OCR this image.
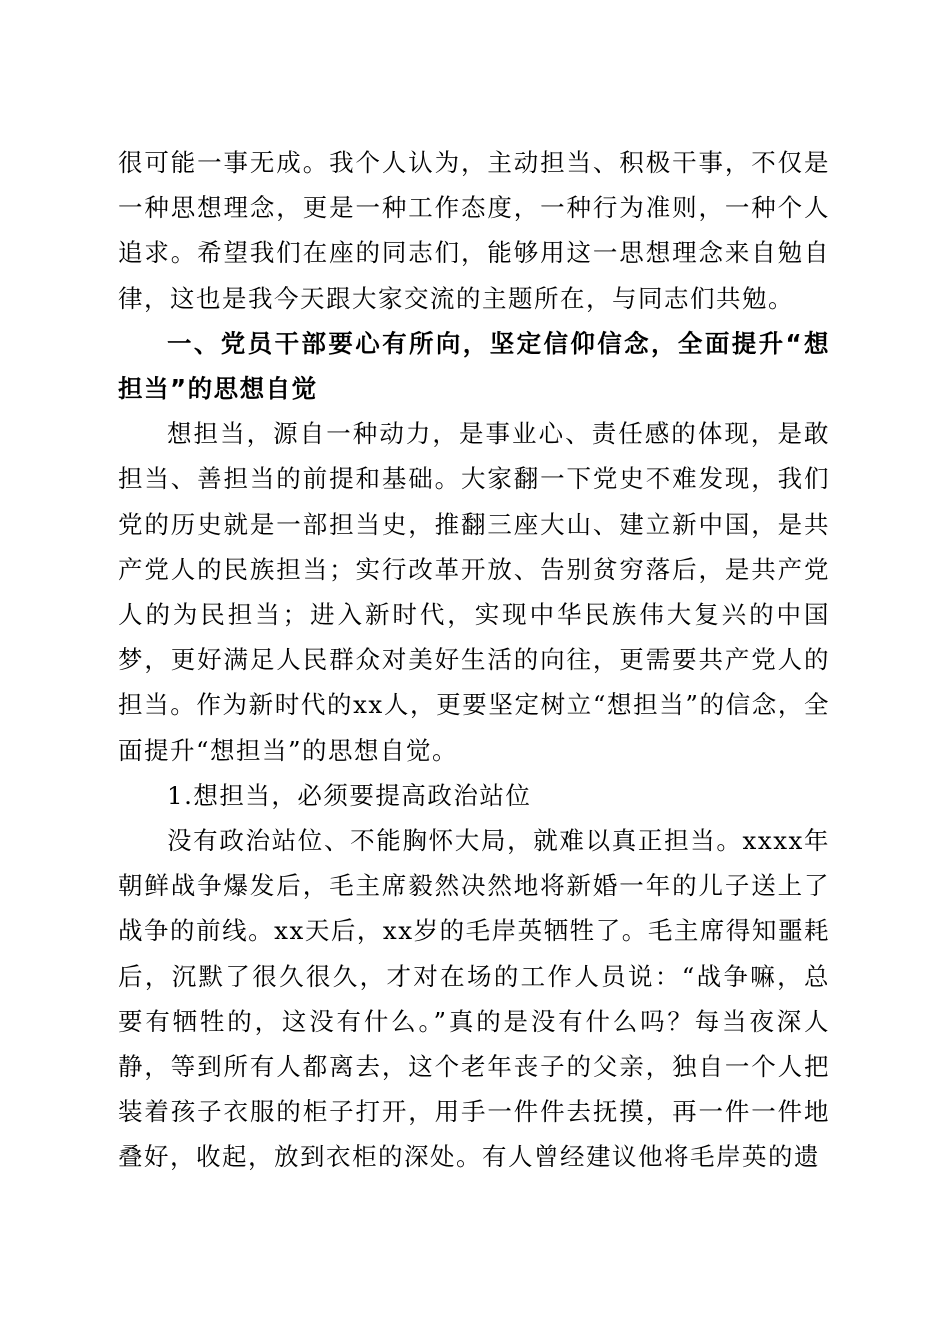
很可能一事无成。我个人认为，主动担当、积极干事，不仅是一种思想理念，更是一种工作态度，一种行为准则，一种个人追求。希望我们在座的同志们，能够用这一思想理念来自勉自律，这也是我今天跟大家交流的主题所在，与同志们共勉。

一、党员干部要心有所向，坚定信仰信念，全面提升“想担当”的思想自觉

想担当，源自一种动力，是事业心、责任感的体现，是敢担当、善担当的前提和基础。大家翻一下党史不难发现，我们党的历史就是一部担当史，推翻三座大山、建立新中国，是共产党人的民族担当；实行改革开放、告别贫穷落后，是共产党人的为民担当；进入新时代，实现中华民族伟大复兴的中国梦，更好满足人民群众对美好生活的向往，更需要共产党人的担当。作为新时代的xx人，更要坚定树立“想担当”的信念，全面提升“想担当”的思想自觉。

1.想担当，必须要提高政治站位

没有政治站位、不能胸怀大局，就难以真正担当。xxxx年朝鲜战争爆发后，毛主席毅然决然地将新婚一年的儿子送上了战争的前线。xx天后，xx岁的毛岸英牺牲了。毛主席得知噩耗后，沉默了很久很久，才对在场的工作人员说：“战争嘛，总要有牺牲的，这没有什么。”真的是没有什么吗？每当夜深人静，等到所有人都离去，这个老年丧子的父亲，独自一个人把装着孩子衣服的柜子打开，用手一件件去抚摸，再一件一件地叠好，收起，放到衣柜的深处。有人曾经建议他将毛岸英的遗
